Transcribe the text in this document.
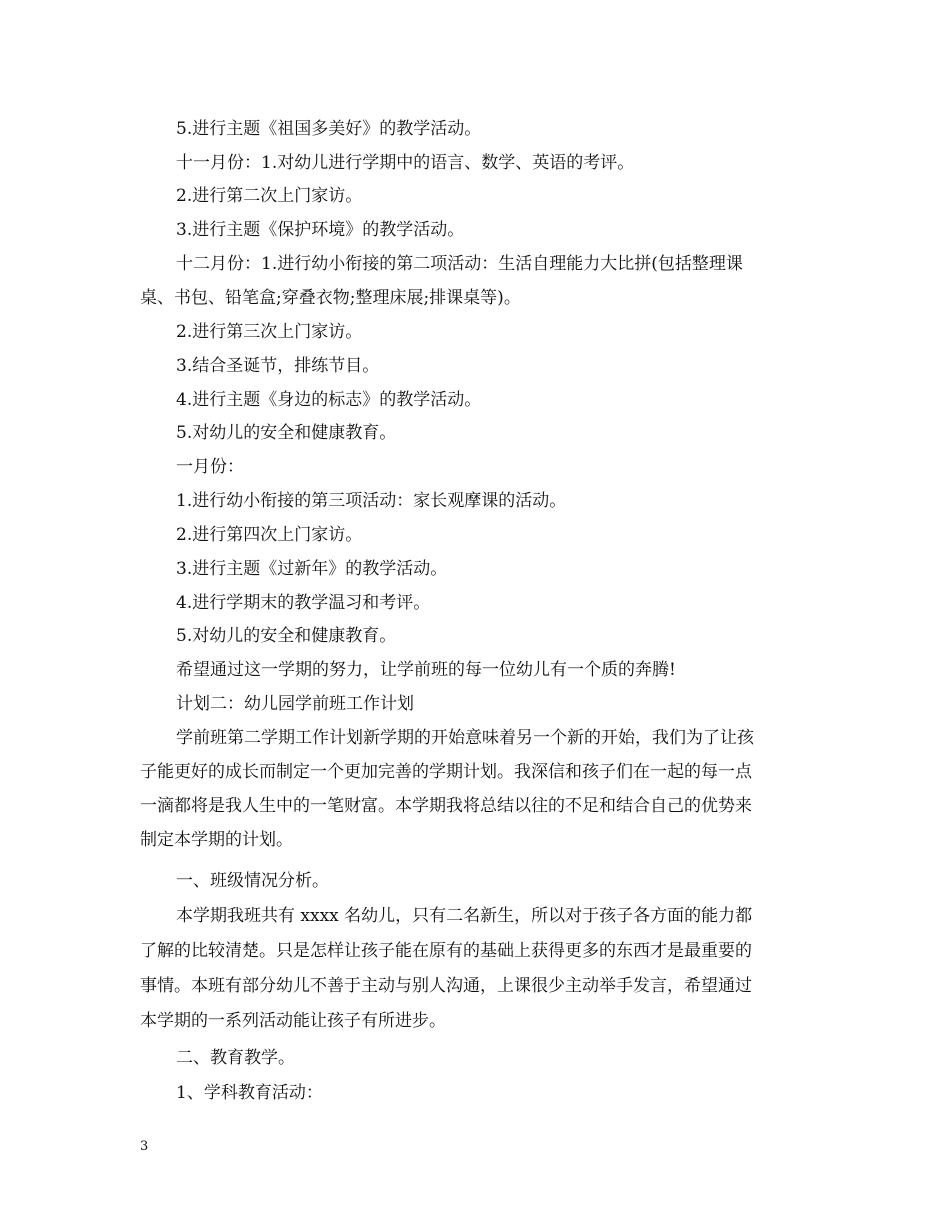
5.进行主题《祖国多美好》的教学活动。

十一月份：1.对幼儿进行学期中的语言、数学、英语的考评。

2.进行第二次上门家访。

3.进行主题《保护环境》的教学活动。

十二月份：1.进行幼小衔接的第二项活动：生活自理能力大比拼(包括整理课

桌、书包、铅笔盒;穿叠衣物;整理床展;排课桌等)。

2.进行第三次上门家访。

3.结合圣诞节，排练节目。

4.进行主题《身边的标志》的教学活动。

5.对幼儿的安全和健康教育。

一月份：

1.进行幼小衔接的第三项活动：家长观摩课的活动。

2.进行第四次上门家访。

3.进行主题《过新年》的教学活动。

4.进行学期末的教学温习和考评。

5.对幼儿的安全和健康教育。

希望通过这一学期的努力，让学前班的每一位幼儿有一个质的奔腾!

计划二：幼儿园学前班工作计划

学前班第二学期工作计划新学期的开始意味着另一个新的开始，我们为了让孩

子能更好的成长而制定一个更加完善的学期计划。我深信和孩子们在一起的每一点

一滴都将是我人生中的一笔财富。本学期我将总结以往的不足和结合自己的优势来

制定本学期的计划。

一、班级情况分析。

本学期我班共有 xxxx 名幼儿，只有二名新生，所以对于孩子各方面的能力都

了解的比较清楚。只是怎样让孩子能在原有的基础上获得更多的东西才是最重要的

事情。本班有部分幼儿不善于主动与别人沟通，上课很少主动举手发言，希望通过

本学期的一系列活动能让孩子有所进步。

二、教育教学。

1、学科教育活动：

3
